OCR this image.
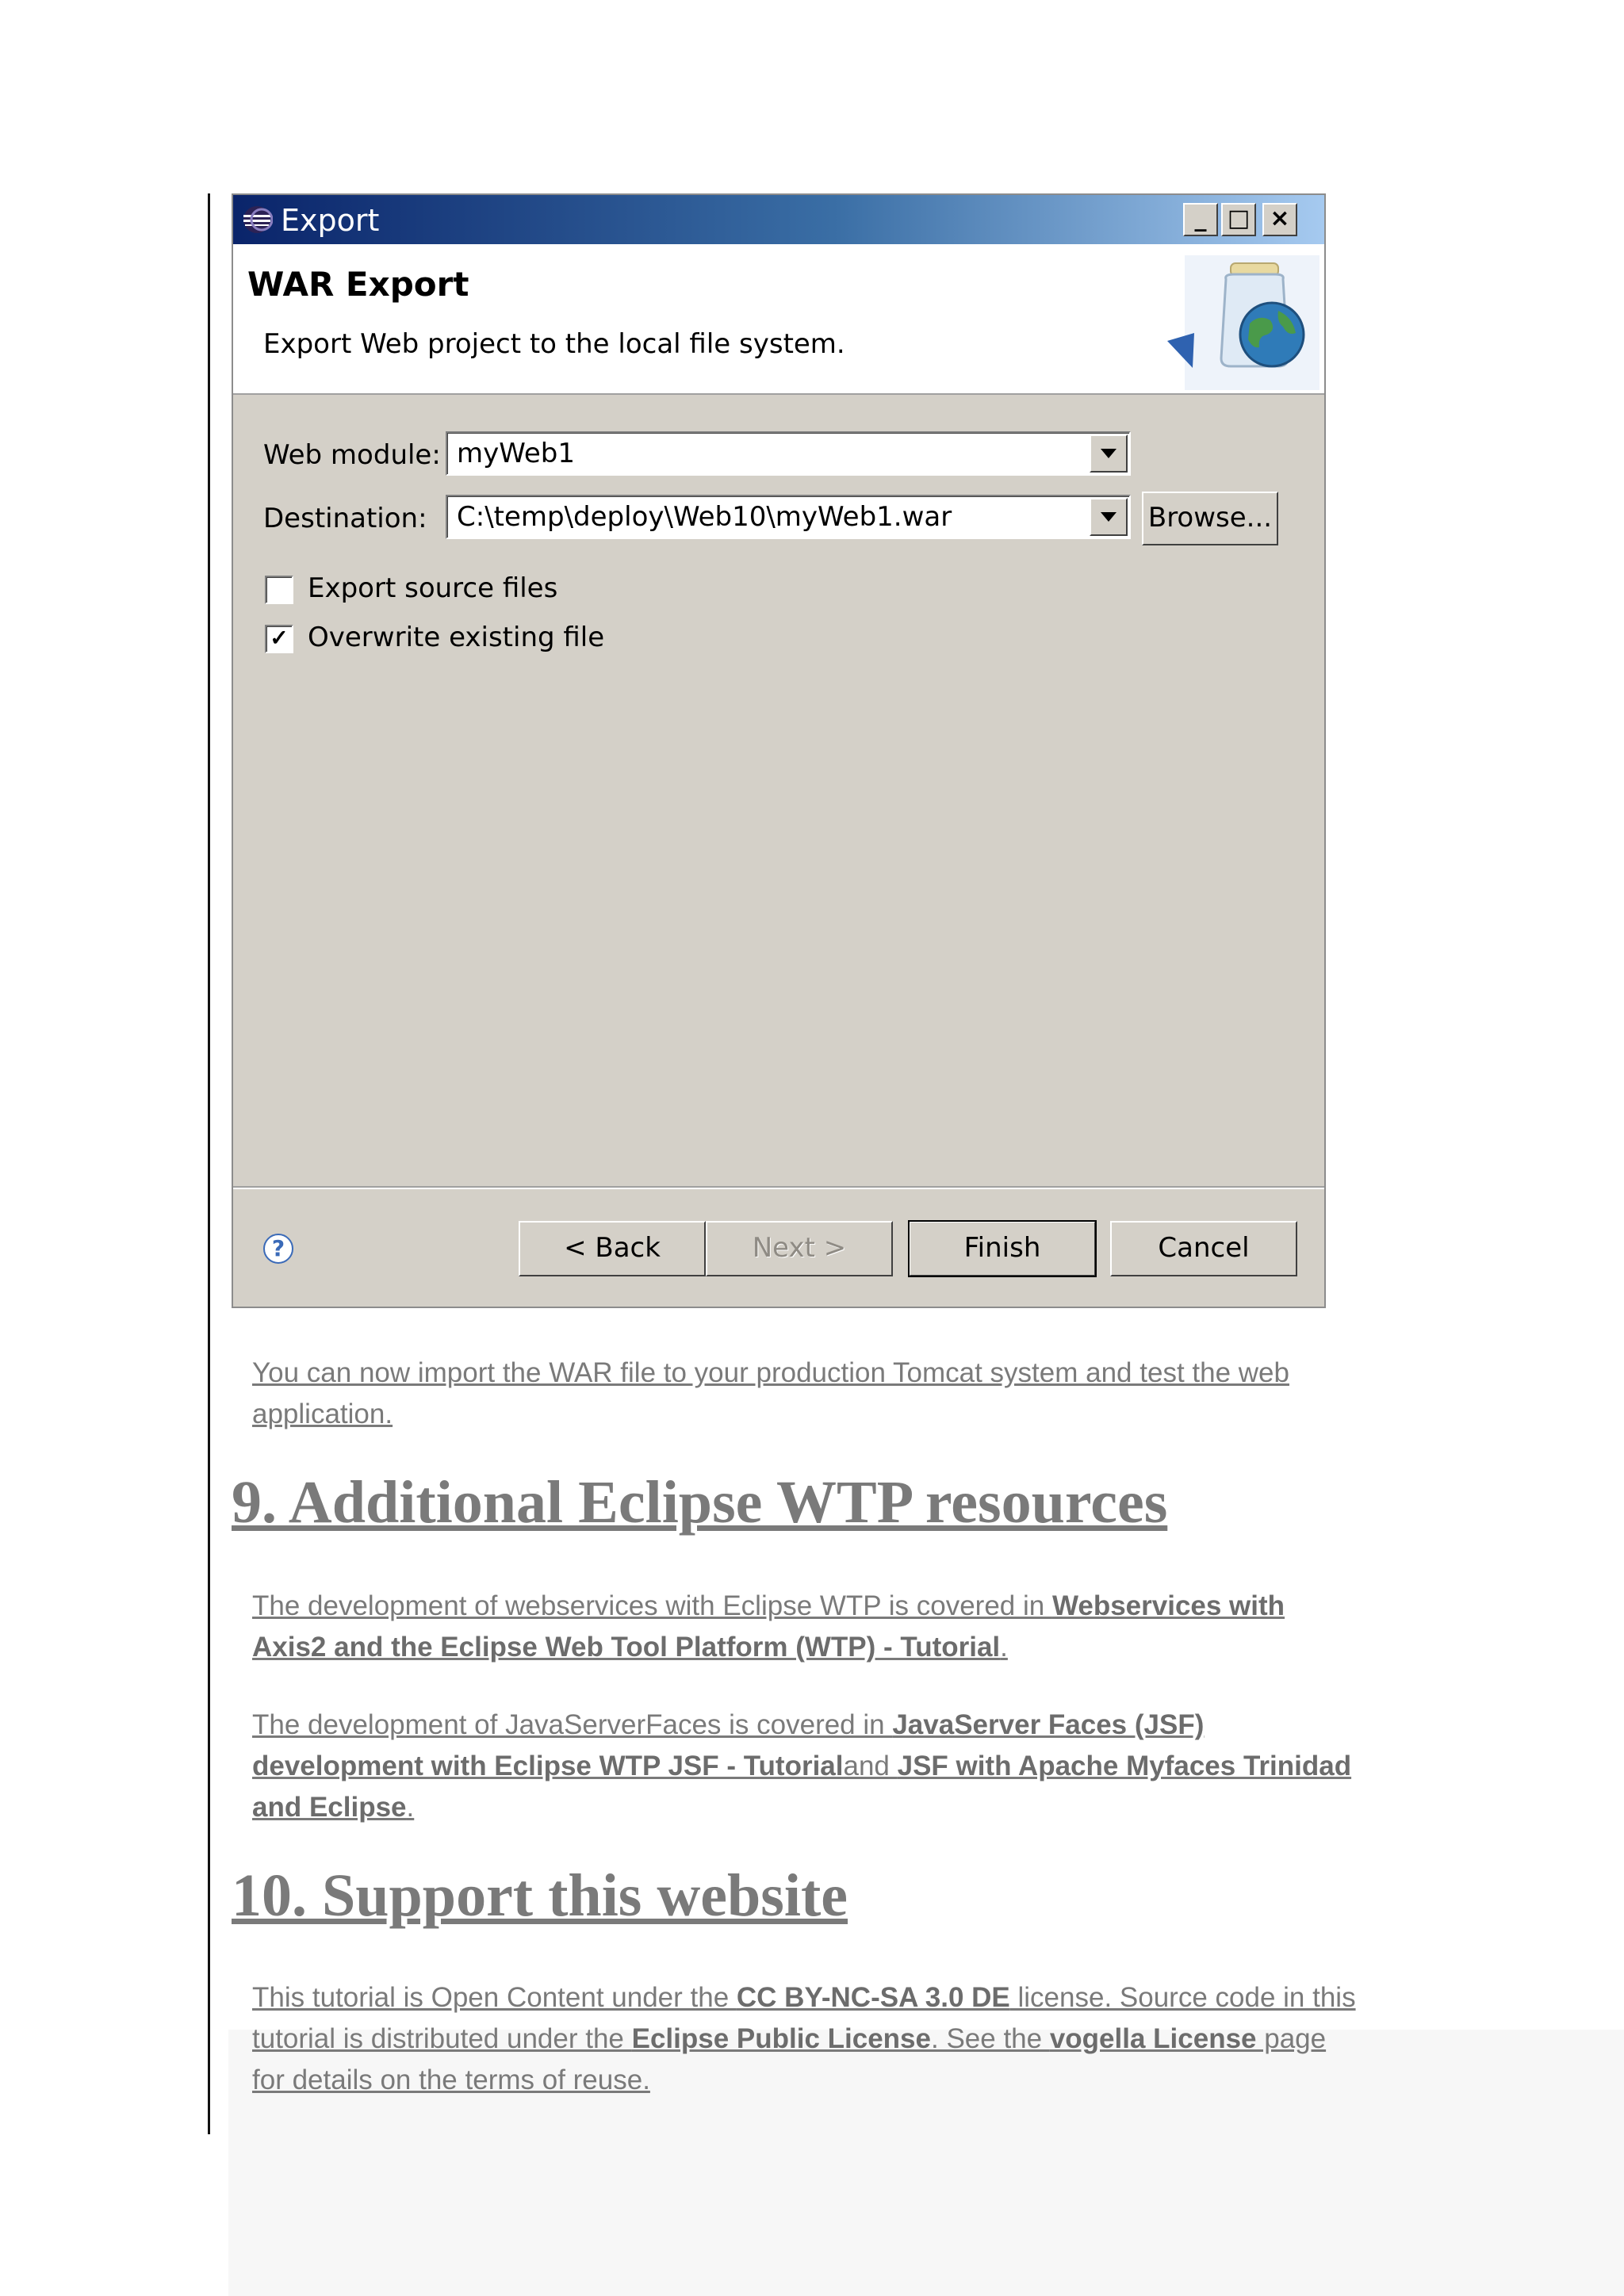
Export	_ □ ×
WAR Export
Export Web project to the local file system.
Web module: myWeb1
Destination: C:\temp\deploy\Web10\myWeb1.war	Browse...
Export source files
✓ Overwrite existing file
?	< Back	Next >	Finish	Cancel
You can now import the WAR file to your production Tomcat system and test the web application.
9. Additional Eclipse WTP resources
The development of webservices with Eclipse WTP is covered in Webservices with Axis2 and the Eclipse Web Tool Platform (WTP) - Tutorial.
The development of JavaServerFaces is covered in JavaServer Faces (JSF) development with Eclipse WTP JSF - Tutorialand JSF with Apache Myfaces Trinidad and Eclipse.
10. Support this website
This tutorial is Open Content under the CC BY-NC-SA 3.0 DE license. Source code in this tutorial is distributed under the Eclipse Public License. See the vogella License page for details on the terms of reuse.
